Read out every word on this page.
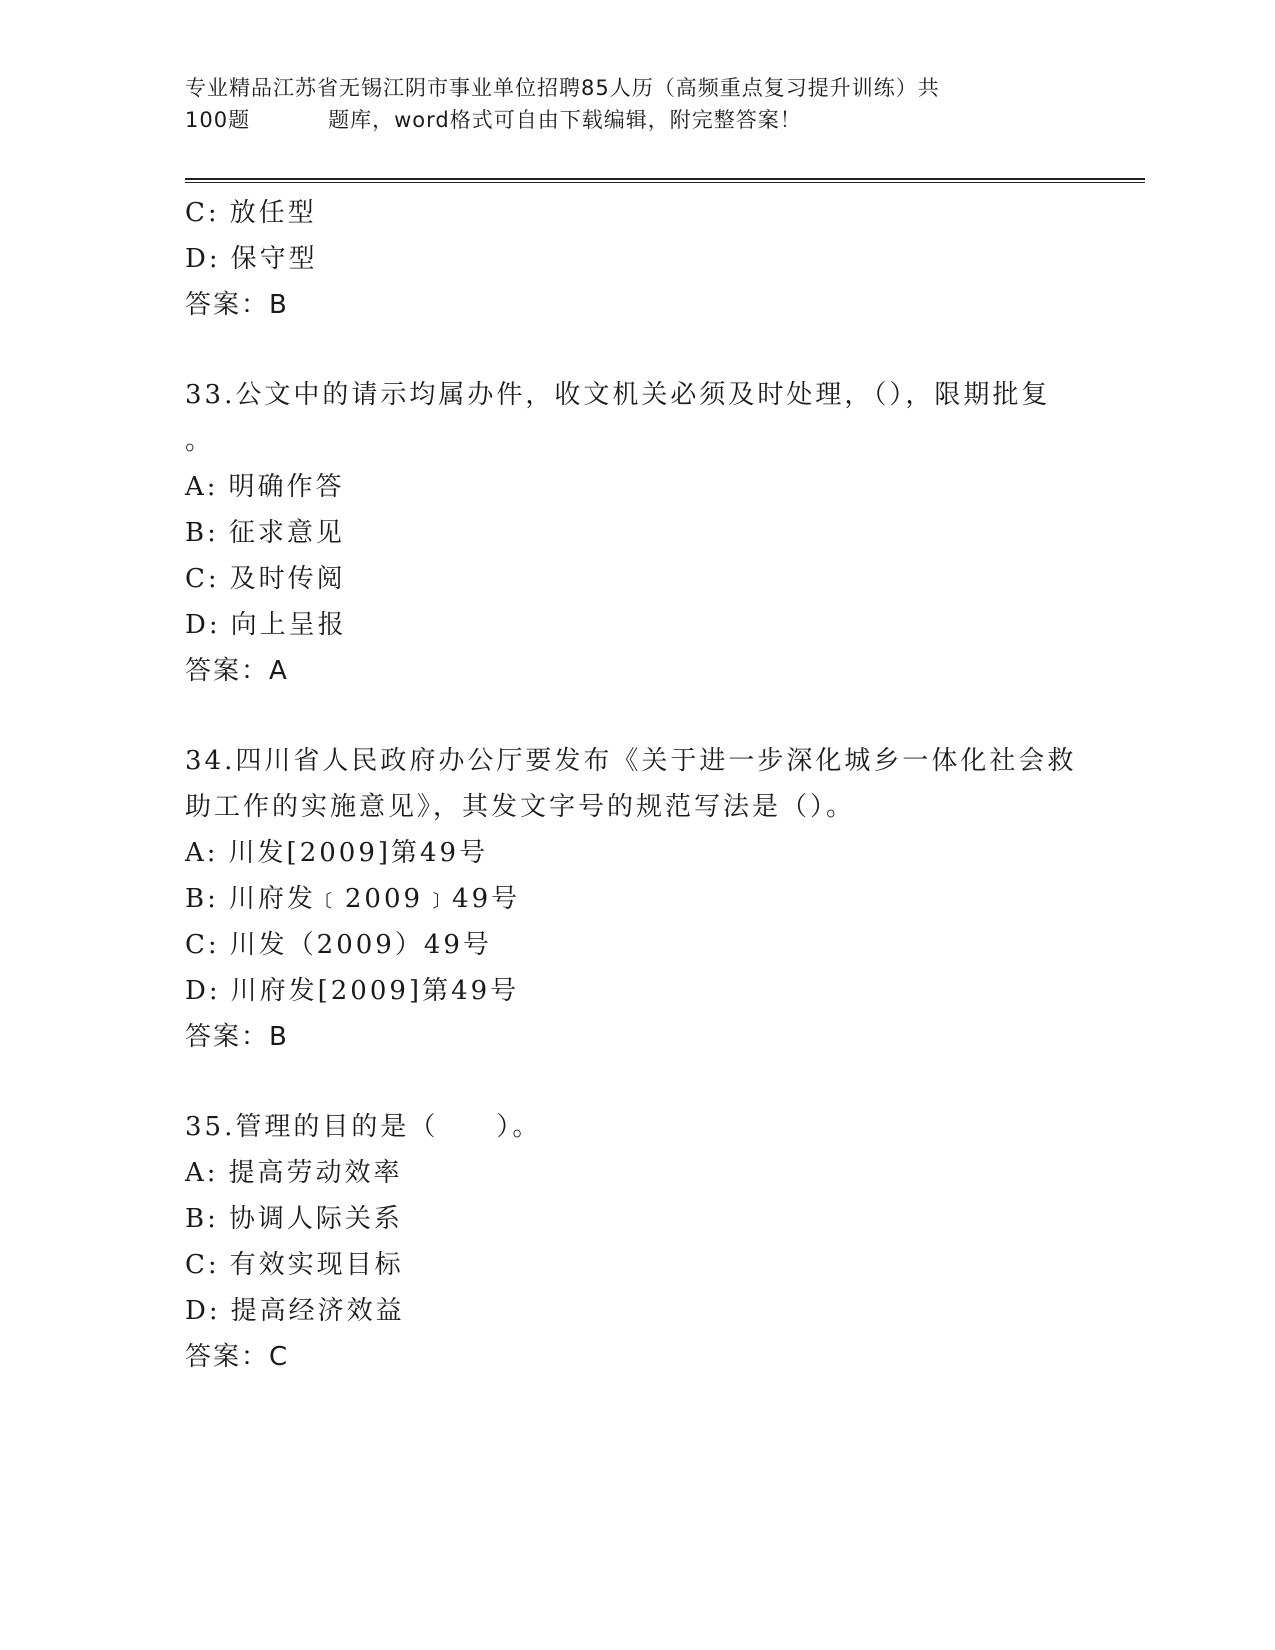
专业精品江苏省无锡江阴市事业单位招聘85人历（高频重点复习提升训练）共
100题	题库，word格式可自由下载编辑，附完整答案！
C: 放任型
D: 保守型
答案：B
33.公文中的请示均属办件，收文机关必须及时处理，（），限期批复
。
A: 明确作答
B: 征求意见
C: 及时传阅
D: 向上呈报
答案：A
34.四川省人民政府办公厅要发布《关于进一步深化城乡一体化社会救
助工作的实施意见》，其发文字号的规范写法是（）。
A: 川发[2009]第49号
B: 川府发﹝2009﹞49号
C: 川发（2009）49号
D: 川府发[2009]第49号
答案：B
35.管理的目的是（　　）。
A: 提高劳动效率
B: 协调人际关系
C: 有效实现目标
D: 提高经济效益
答案：C
